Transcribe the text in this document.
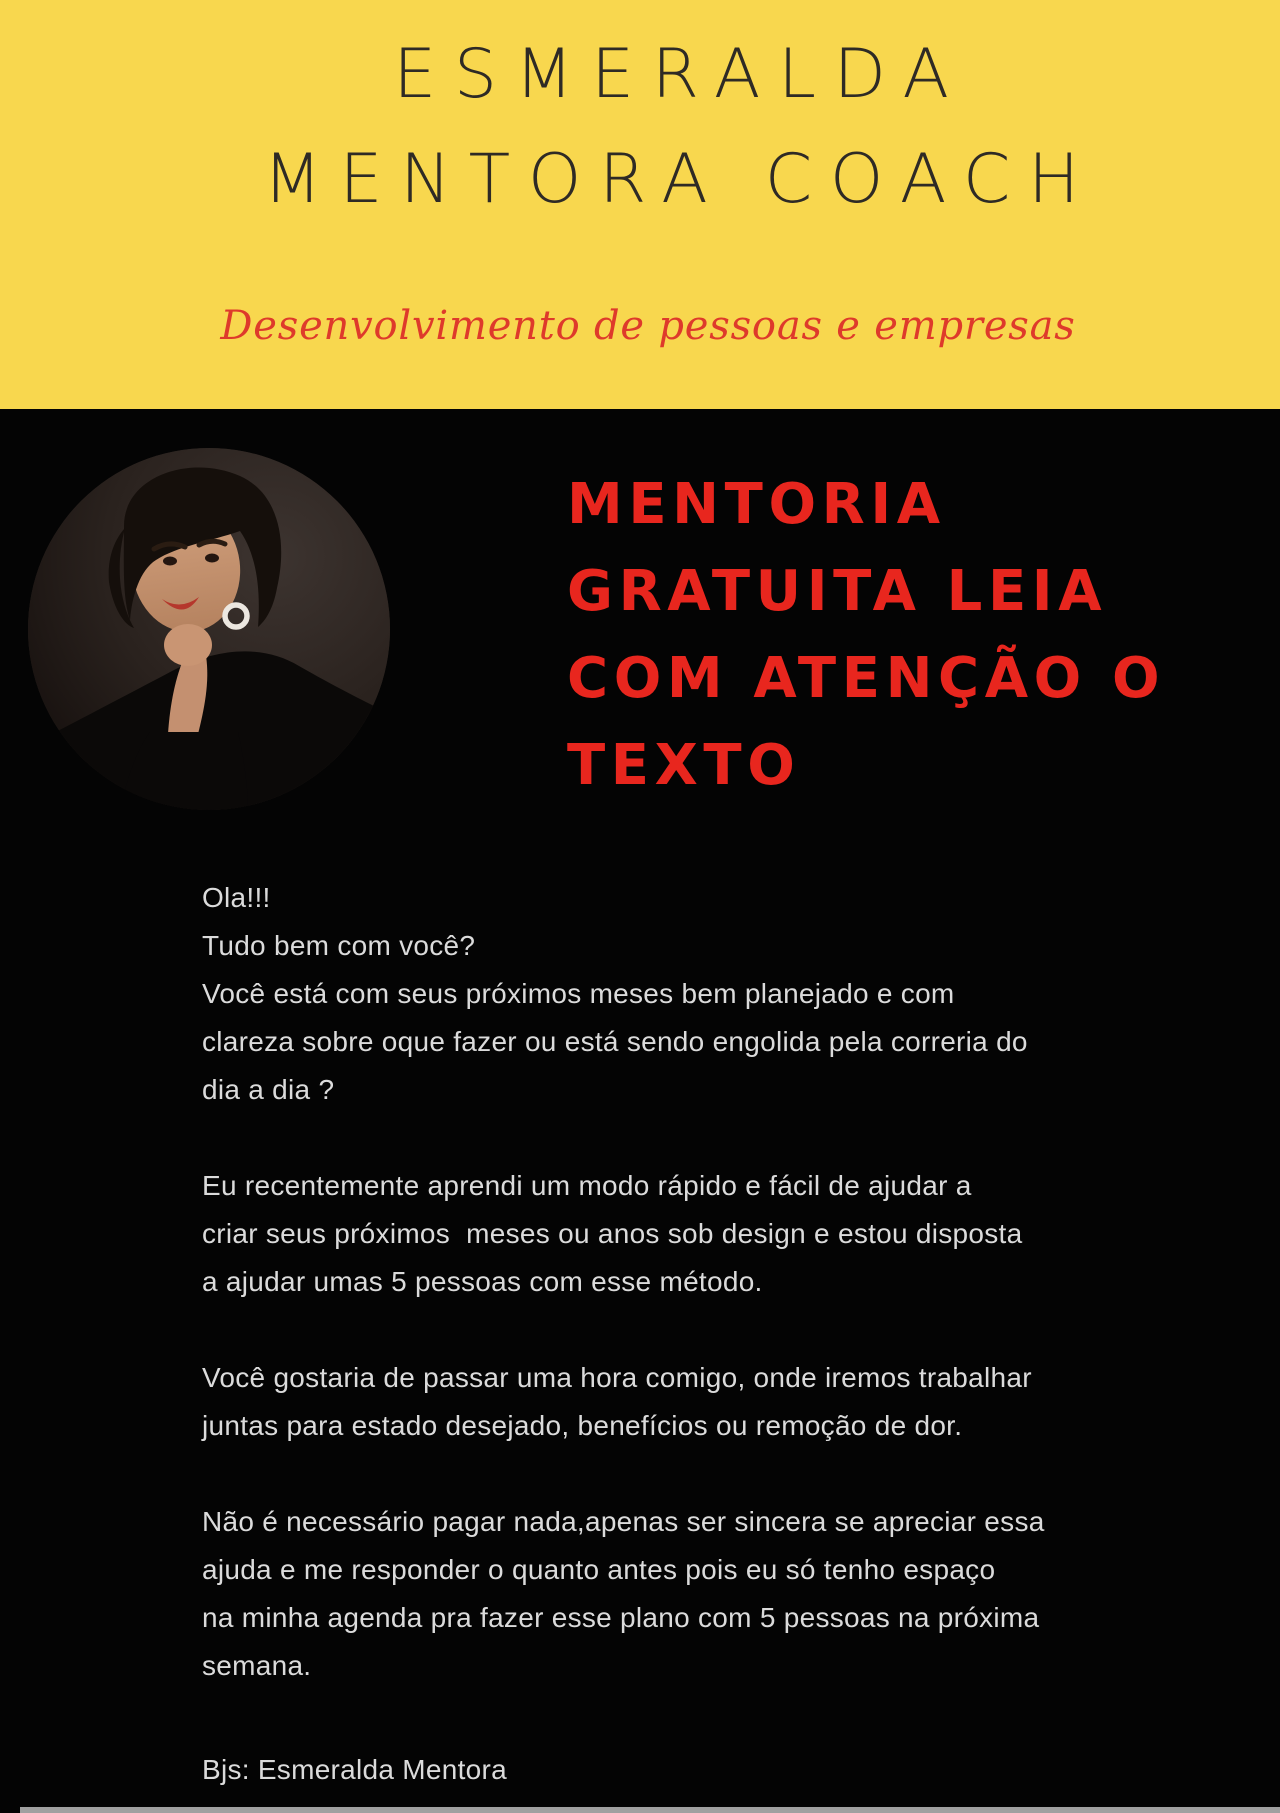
ESMERALDA
MENTORA COACH
Desenvolvimento de pessoas e empresas
MENTORIA
GRATUITA LEIA
COM ATENÇÃO O
TEXTO
Ola!!!
Tudo bem com você?
Você está com seus próximos meses bem planejado e com
clareza sobre oque fazer ou está sendo engolida pela correria do
dia a dia ?
Eu recentemente aprendi um modo rápido e fácil de ajudar a
criar seus próximos  meses ou anos sob design e estou disposta
a ajudar umas 5 pessoas com esse método.
Você gostaria de passar uma hora comigo, onde iremos trabalhar
juntas para estado desejado, benefícios ou remoção de dor.
Não é necessário pagar nada,apenas ser sincera se apreciar essa
ajuda e me responder o quanto antes pois eu só tenho espaço
na minha agenda pra fazer esse plano com 5 pessoas na próxima
semana.
Bjs: Esmeralda Mentora
